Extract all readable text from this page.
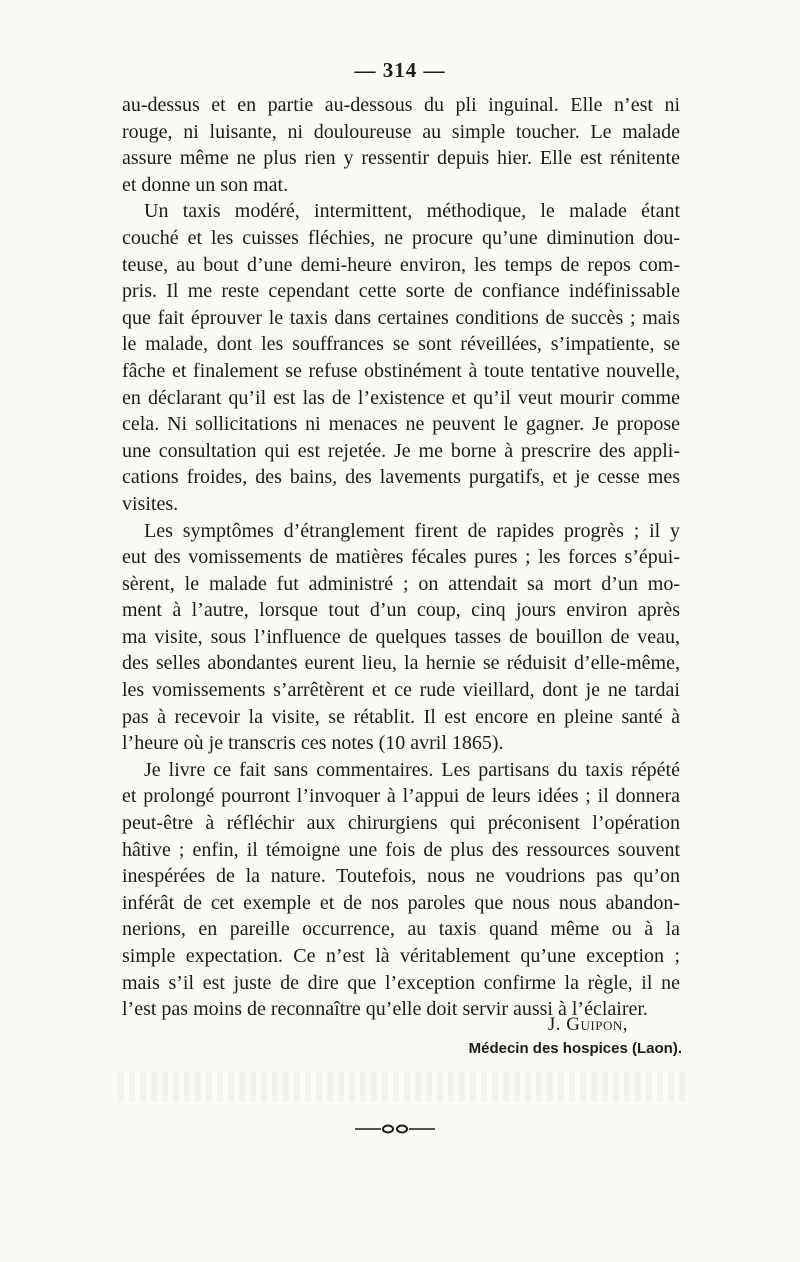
— 314 —
au-dessus et en partie au-dessous du pli inguinal. Elle n’est ni
rouge, ni luisante, ni douloureuse au simple toucher. Le malade
assure même ne plus rien y ressentir depuis hier. Elle est rénitente
et donne un son mat.
Un taxis modéré, intermittent, méthodique, le malade étant
couché et les cuisses fléchies, ne procure qu’une diminution dou-
teuse, au bout d’une demi-heure environ, les temps de repos com-
pris. Il me reste cependant cette sorte de confiance indéfinissable
que fait éprouver le taxis dans certaines conditions de succès ; mais
le malade, dont les souffrances se sont réveillées, s’impatiente, se
fâche et finalement se refuse obstinément à toute tentative nouvelle,
en déclarant qu’il est las de l’existence et qu’il veut mourir comme
cela. Ni sollicitations ni menaces ne peuvent le gagner. Je propose
une consultation qui est rejetée. Je me borne à prescrire des appli-
cations froides, des bains, des lavements purgatifs, et je cesse mes
visites.
Les symptômes d’étranglement firent de rapides progrès ; il y
eut des vomissements de matières fécales pures ; les forces s’épui-
sèrent, le malade fut administré ; on attendait sa mort d’un mo-
ment à l’autre, lorsque tout d’un coup, cinq jours environ après
ma visite, sous l’influence de quelques tasses de bouillon de veau,
des selles abondantes eurent lieu, la hernie se réduisit d’elle-même,
les vomissements s’arrêtèrent et ce rude vieillard, dont je ne tardai
pas à recevoir la visite, se rétablit. Il est encore en pleine santé à
l’heure où je transcris ces notes (10 avril 1865).
Je livre ce fait sans commentaires. Les partisans du taxis répété
et prolongé pourront l’invoquer à l’appui de leurs idées ; il donnera
peut-être à réfléchir aux chirurgiens qui préconisent l’opération
hâtive ; enfin, il témoigne une fois de plus des ressources souvent
inespérées de la nature. Toutefois, nous ne voudrions pas qu’on
inférât de cet exemple et de nos paroles que nous nous abandon-
nerions, en pareille occurrence, au taxis quand même ou à la
simple expectation. Ce n’est là véritablement qu’une exception ;
mais s’il est juste de dire que l’exception confirme la règle, il ne
l’est pas moins de reconnaître qu’elle doit servir aussi à l’éclairer.
J. Guipon,
Médecin des hospices (Laon).
